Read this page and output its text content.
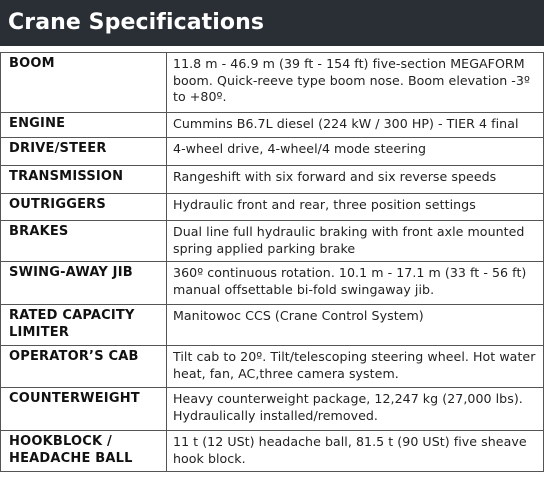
Crane Specifications
BOOM	11.8 m - 46.9 m (39 ft - 154 ft) five-section MEGAFORM boom. Quick-reeve type boom nose. Boom elevation -3º to +80º.
ENGINE	Cummins B6.7L diesel (224 kW / 300 HP) - TIER 4 final
DRIVE/STEER	4-wheel drive, 4-wheel/4 mode steering
TRANSMISSION	Rangeshift with six forward and six reverse speeds
OUTRIGGERS	Hydraulic front and rear, three position settings
BRAKES	Dual line full hydraulic braking with front axle mounted spring applied parking brake
SWING-AWAY JIB	360º continuous rotation. 10.1 m - 17.1 m (33 ft - 56 ft) manual offsettable bi-fold swingaway jib.
RATED CAPACITY LIMITER	Manitowoc CCS (Crane Control System)
OPERATOR’S CAB	Tilt cab to 20º. Tilt/telescoping steering wheel. Hot water heat, fan, AC,three camera system.
COUNTERWEIGHT	Heavy counterweight package, 12,247 kg (27,000 lbs). Hydraulically installed/removed.
HOOKBLOCK / HEADACHE BALL	11 t (12 USt) headache ball, 81.5 t (90 USt) five sheave hook block.
